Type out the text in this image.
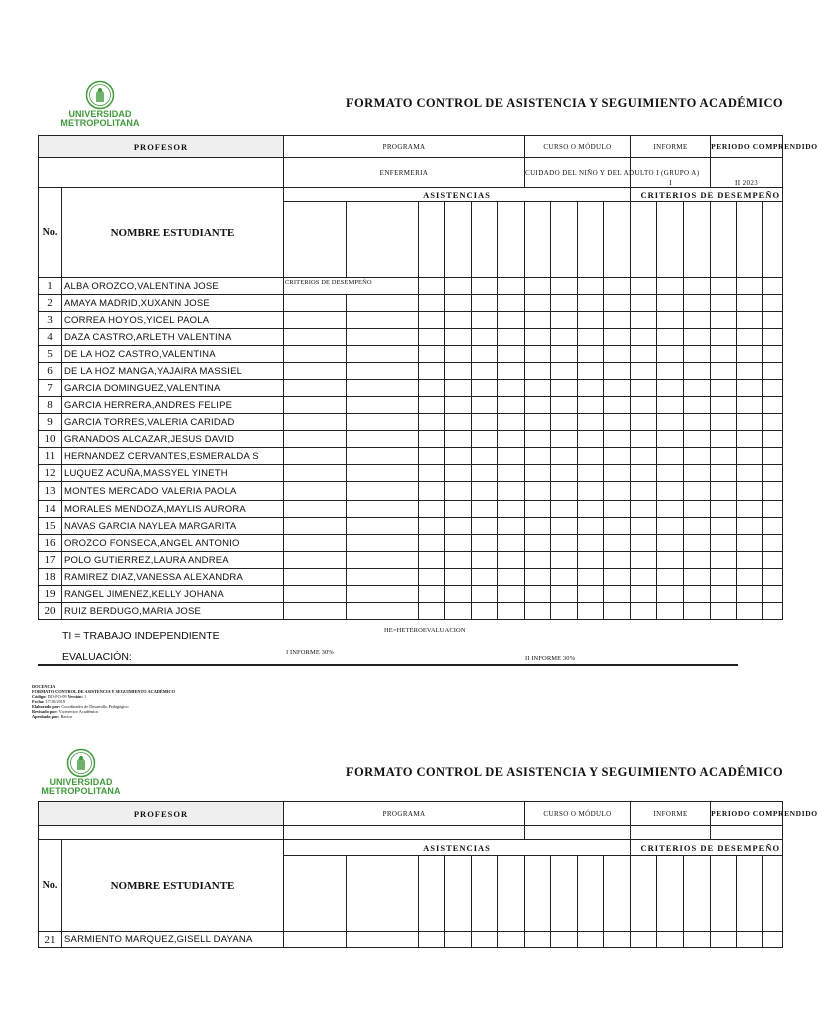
UNIVERSIDAD
METROPOLITANA
FORMATO CONTROL DE ASISTENCIA Y SEGUIMIENTO ACADÉMICO
PROFESOR		PROGRAMA						CURSO O MÓDULO				INFORME			PERIODO COMPRENDIDO		
		ENFERMERIA						CUIDADO DEL NIÑO Y DEL ADULTO I (GRUPO A)				I			II 2023		
No.	NOMBRE ESTUDIANTE	ASISTENCIAS										CRITERIOS DE DESEMPEÑO					

1	ALBA OROZCO,VALENTINA JOSE	CRITERIOS DE DESEMPEÑO															
2	AMAYA MADRID,XUXANN JOSE																
3	CORREA HOYOS,YICEL PAOLA																
4	DAZA CASTRO,ARLETH VALENTINA																
5	DE LA HOZ CASTRO,VALENTINA																
6	DE LA HOZ MANGA,YAJAIRA MASSIEL																
7	GARCIA DOMINGUEZ,VALENTINA																
8	GARCIA HERRERA,ANDRES FELIPE																
9	GARCIA TORRES,VALERIA CARIDAD																
10	GRANADOS ALCAZAR,JESUS DAVID																
11	HERNANDEZ CERVANTES,ESMERALDA S																
12	LUQUEZ ACUÑA,MASSYEL YINETH																
13	MONTES MERCADO VALERIA PAOLA																
14	MORALES MENDOZA,MAYLIS AURORA																
15	NAVAS GARCIA NAYLEA MARGARITA																
16	OROZCO FONSECA,ANGEL ANTONIO																
17	POLO GUTIERREZ,LAURA ANDREA																
18	RAMIREZ DIAZ,VANESSA ALEXANDRA																
19	RANGEL JIMENEZ,KELLY JOHANA																
20	RUIZ BERDUGO,MARIA JOSE																
TI = TRABAJO INDEPENDIENTE	HE=HETEROEVALUACION
EVALUACIÓN:	I INFORME 30%
II INFORME 30%
DOCENCIA
FORMATO CONTROL DE ASISTENCIA Y SEGUIMIENTO ACADÉMICO
Código: DO-FO-09 Versión: 1
Fecha: 17/10/2019
Elaborado por: Coordinador de Desarrollo Pedagógico
Revisado por: Vicerrector Académico
Aprobado por: Rector
UNIVERSIDAD
METROPOLITANA
FORMATO CONTROL DE ASISTENCIA Y SEGUIMIENTO ACADÉMICO
PROFESOR		PROGRAMA						CURSO O MÓDULO				INFORME			PERIODO COMPRENDIDO		

No.	NOMBRE ESTUDIANTE	ASISTENCIAS										CRITERIOS DE DESEMPEÑO					

21	SARMIENTO MARQUEZ,GISELL DAYANA																
